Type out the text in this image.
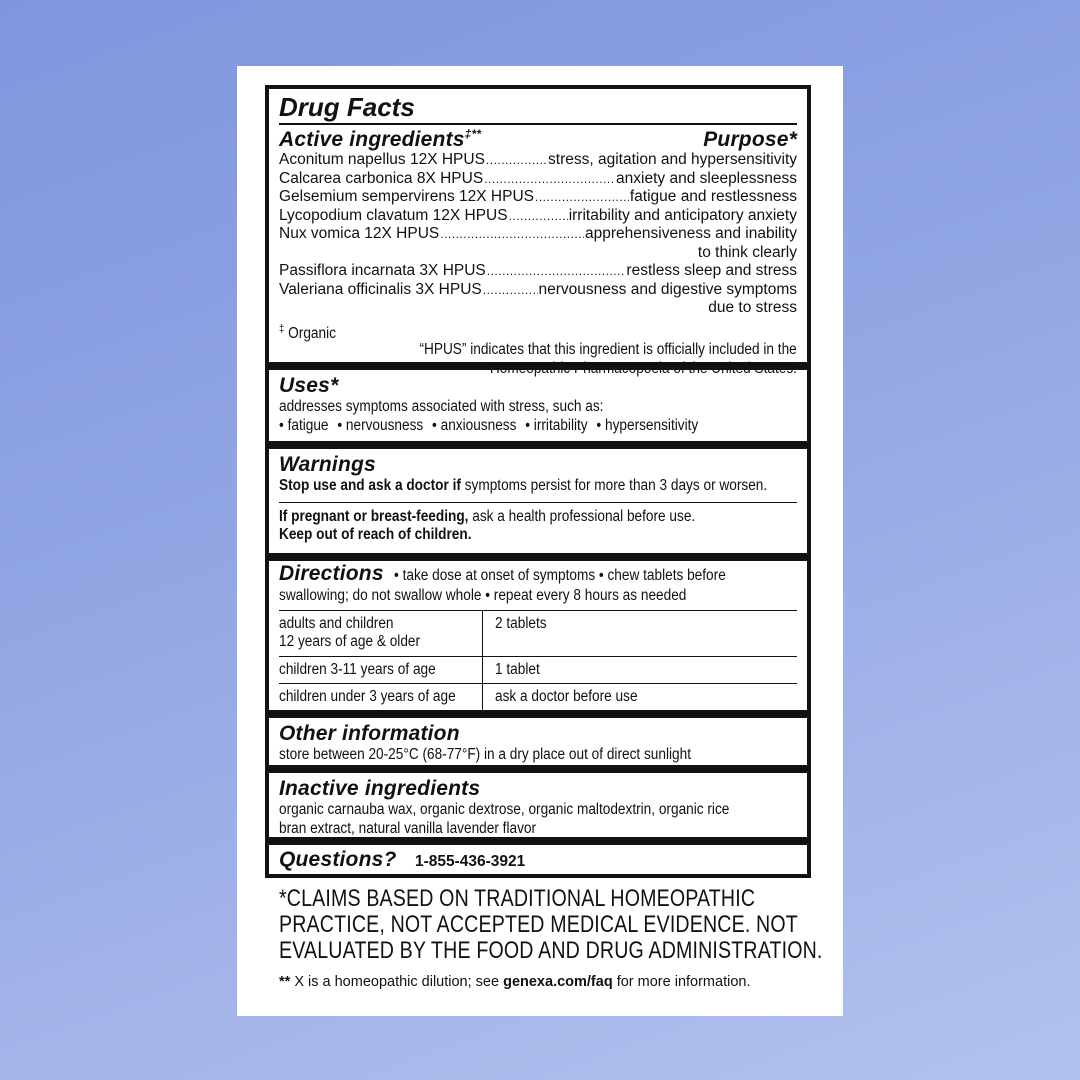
Drug Facts
Active ingredients‡**	Purpose*
Aconitum napellus 12X HPUS .....	stress, agitation and hypersensitivity
Calcarea carbonica 8X HPUS .....	anxiety and sleeplessness
Gelsemium sempervirens 12X HPUS .....	fatigue and restlessness
Lycopodium clavatum 12X HPUS .....	irritability and anticipatory anxiety
Nux vomica 12X HPUS .....	apprehensiveness and inability
to think clearly
Passiflora incarnata 3X HPUS .....	restless sleep and stress
Valeriana officinalis 3X HPUS .....	nervousness and digestive symptoms
due to stress
‡ Organic
“HPUS” indicates that this ingredient is officially included in the
Homeopathic Pharmacopoeia of the United States.
Uses*
addresses symptoms associated with stress, such as:
• fatigue • nervousness • anxiousness • irritability • hypersensitivity
Warnings
Stop use and ask a doctor if symptoms persist for more than 3 days or worsen.
If pregnant or breast-feeding, ask a health professional before use.
Keep out of reach of children.
Directions • take dose at onset of symptoms • chew tablets before
swallowing; do not swallow whole • repeat every 8 hours as needed
adults and children
12 years of age & older	2 tablets

children 3-11 years of age	1 tablet

children under 3 years of age	ask a doctor before use
Other information
store between 20-25°C (68-77°F) in a dry place out of direct sunlight
Inactive ingredients
organic carnauba wax, organic dextrose, organic maltodextrin, organic rice
bran extract, natural vanilla lavender flavor
Questions? 1-855-436-3921
*CLAIMS BASED ON TRADITIONAL HOMEOPATHIC
PRACTICE, NOT ACCEPTED MEDICAL EVIDENCE. NOT
EVALUATED BY THE FOOD AND DRUG ADMINISTRATION.
** X is a homeopathic dilution; see genexa.com/faq for more information.
